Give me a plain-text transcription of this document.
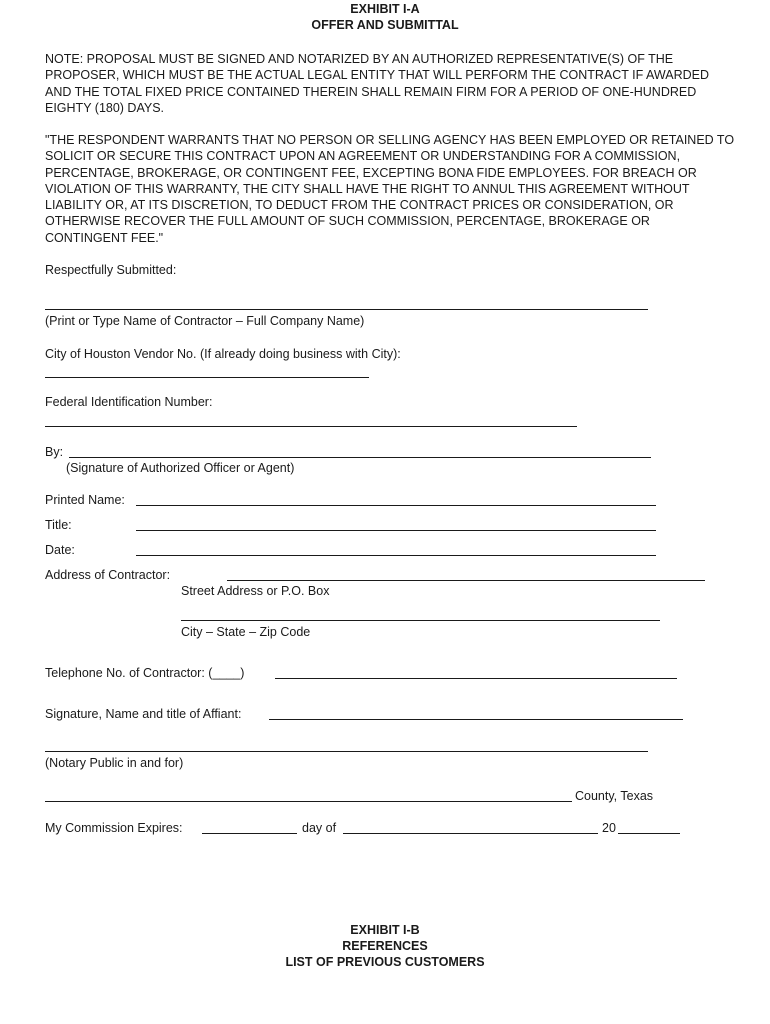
EXHIBIT I-A
OFFER AND SUBMITTAL
NOTE: PROPOSAL MUST BE SIGNED AND NOTARIZED BY AN AUTHORIZED REPRESENTATIVE(S) OF THE PROPOSER, WHICH MUST BE THE ACTUAL LEGAL ENTITY THAT WILL PERFORM THE CONTRACT IF AWARDED AND THE TOTAL FIXED PRICE CONTAINED THEREIN SHALL REMAIN FIRM FOR A PERIOD OF ONE-HUNDRED EIGHTY (180) DAYS.
"THE RESPONDENT WARRANTS THAT NO PERSON OR SELLING AGENCY HAS BEEN EMPLOYED OR RETAINED TO SOLICIT OR SECURE THIS CONTRACT UPON AN AGREEMENT OR UNDERSTANDING FOR A COMMISSION, PERCENTAGE, BROKERAGE, OR CONTINGENT FEE, EXCEPTING BONA FIDE EMPLOYEES. FOR BREACH OR VIOLATION OF THIS WARRANTY, THE CITY SHALL HAVE THE RIGHT TO ANNUL THIS AGREEMENT WITHOUT LIABILITY OR, AT ITS DISCRETION, TO DEDUCT FROM THE CONTRACT PRICES OR CONSIDERATION, OR OTHERWISE RECOVER THE FULL AMOUNT OF SUCH COMMISSION, PERCENTAGE, BROKERAGE OR CONTINGENT FEE."
Respectfully Submitted:
(Print or Type Name of Contractor – Full Company Name)
City of Houston Vendor No. (If already doing business with City):
Federal Identification Number:
By:
(Signature of Authorized Officer or Agent)
Printed Name:
Title:
Date:
Address of Contractor:
Street Address or P.O. Box
City – State – Zip Code
Telephone No. of Contractor: (____)
Signature, Name and title of Affiant:
(Notary Public in and for)
County, Texas
My Commission Expires:	day of	20
EXHIBIT I-B
REFERENCES
LIST OF PREVIOUS CUSTOMERS
